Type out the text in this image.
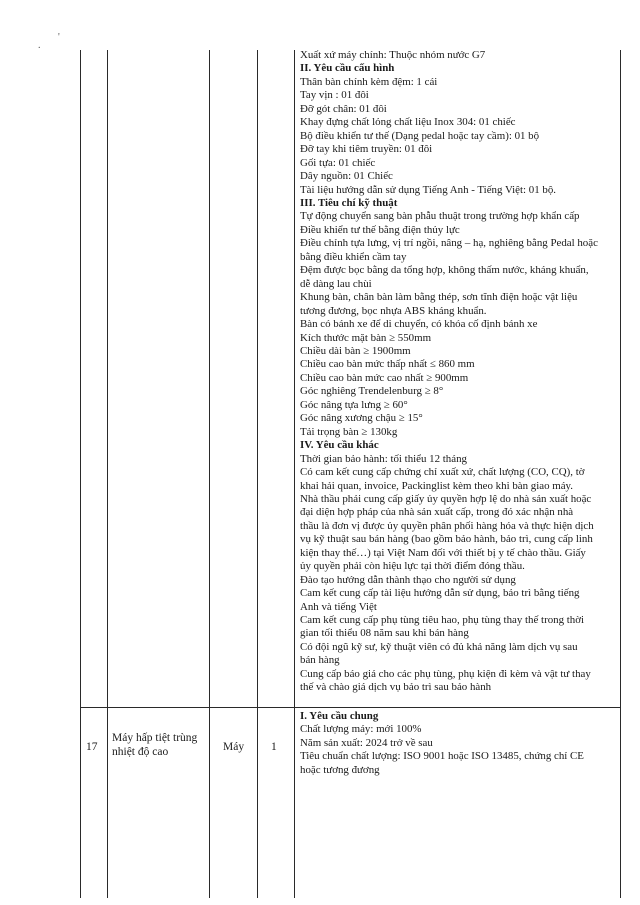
'
.

Xuất xứ máy chính: Thuộc nhóm nước G7

II. Yêu cầu cấu hình

Thân bàn chính kèm đệm: 1 cái

Tay vịn : 01 đôi

Đỡ gót chân: 01 đôi

Khay đựng chất lỏng chất liệu Inox 304: 01 chiếc

Bộ điều khiển tư thế (Dạng pedal hoặc tay cầm): 01 bộ

Đỡ tay khi tiêm truyền: 01 đôi

Gối tựa: 01 chiếc

Dây nguồn: 01 Chiếc

Tài liệu hướng dẫn sử dụng Tiếng Anh - Tiếng Việt: 01 bộ.

III. Tiêu chí kỹ thuật

Tự động chuyển sang bàn phẫu thuật trong trường hợp khẩn cấp

Điều khiển tư thế bằng điện thủy lực

Điều chỉnh tựa lưng, vị trí ngồi, nâng – hạ, nghiêng bằng Pedal hoặc

bằng điều khiển cầm tay

Đệm được bọc bằng da tổng hợp, không thấm nước, kháng khuẩn,

dễ dàng lau chùi

Khung bàn, chân bàn làm bằng thép, sơn tĩnh điện hoặc vật liệu

tương đương, bọc nhựa ABS kháng khuẩn.

Bàn có bánh xe để di chuyển, có khóa cố định bánh xe

Kích thước mặt bàn ≥ 550mm

Chiều dài bàn ≥ 1900mm

Chiều cao bàn mức thấp nhất ≤ 860 mm

Chiều cao bàn mức cao nhất ≥ 900mm

Góc nghiêng Trendelenburg ≥ 8°

Góc nâng tựa lưng ≥ 60°

Góc nâng xương chậu ≥ 15°

Tải trọng bàn ≥ 130kg

IV. Yêu cầu khác

Thời gian bảo hành: tối thiểu 12 tháng

Có cam kết cung cấp chứng chỉ xuất xứ, chất lượng (CO, CQ), tờ

khai hải quan, invoice, Packinglist kèm theo khi bàn giao máy.

Nhà thầu phải cung cấp giấy ủy quyền hợp lệ do nhà sản xuất hoặc

đại diện hợp pháp của nhà sản xuất cấp, trong đó xác nhận nhà

thầu là đơn vị được ủy quyền phân phối hàng hóa và thực hiện dịch

vụ kỹ thuật sau bán hàng (bao gồm bảo hành, bảo trì, cung cấp linh

kiện thay thế…) tại Việt Nam đối với thiết bị y tế chào thầu. Giấy

ủy quyền phải còn hiệu lực tại thời điểm đóng thầu.

Đào tạo hướng dẫn thành thạo cho người sử dụng

Cam kết cung cấp tài liệu hướng dẫn sử dụng, bảo trì bằng tiếng

Anh và tiếng Việt

Cam kết cung cấp phụ tùng tiêu hao, phụ tùng thay thế trong thời

gian tối thiểu 08 năm sau khi bán hàng

Có đội ngũ kỹ sư, kỹ thuật viên có đủ khả năng làm dịch vụ sau

bán hàng

Cung cấp báo giá cho các phụ tùng, phụ kiện đi kèm và vật tư thay

thế và chào giá dịch vụ bảo trì sau bảo hành

17
Máy hấp tiệt trùng
nhiệt độ cao	Máy 1

I. Yêu cầu chung

Chất lượng máy: mới 100%

Năm sản xuất: 2024 trở về sau

Tiêu chuẩn chất lượng: ISO 9001 hoặc ISO 13485, chứng chỉ CE

hoặc tương đương
